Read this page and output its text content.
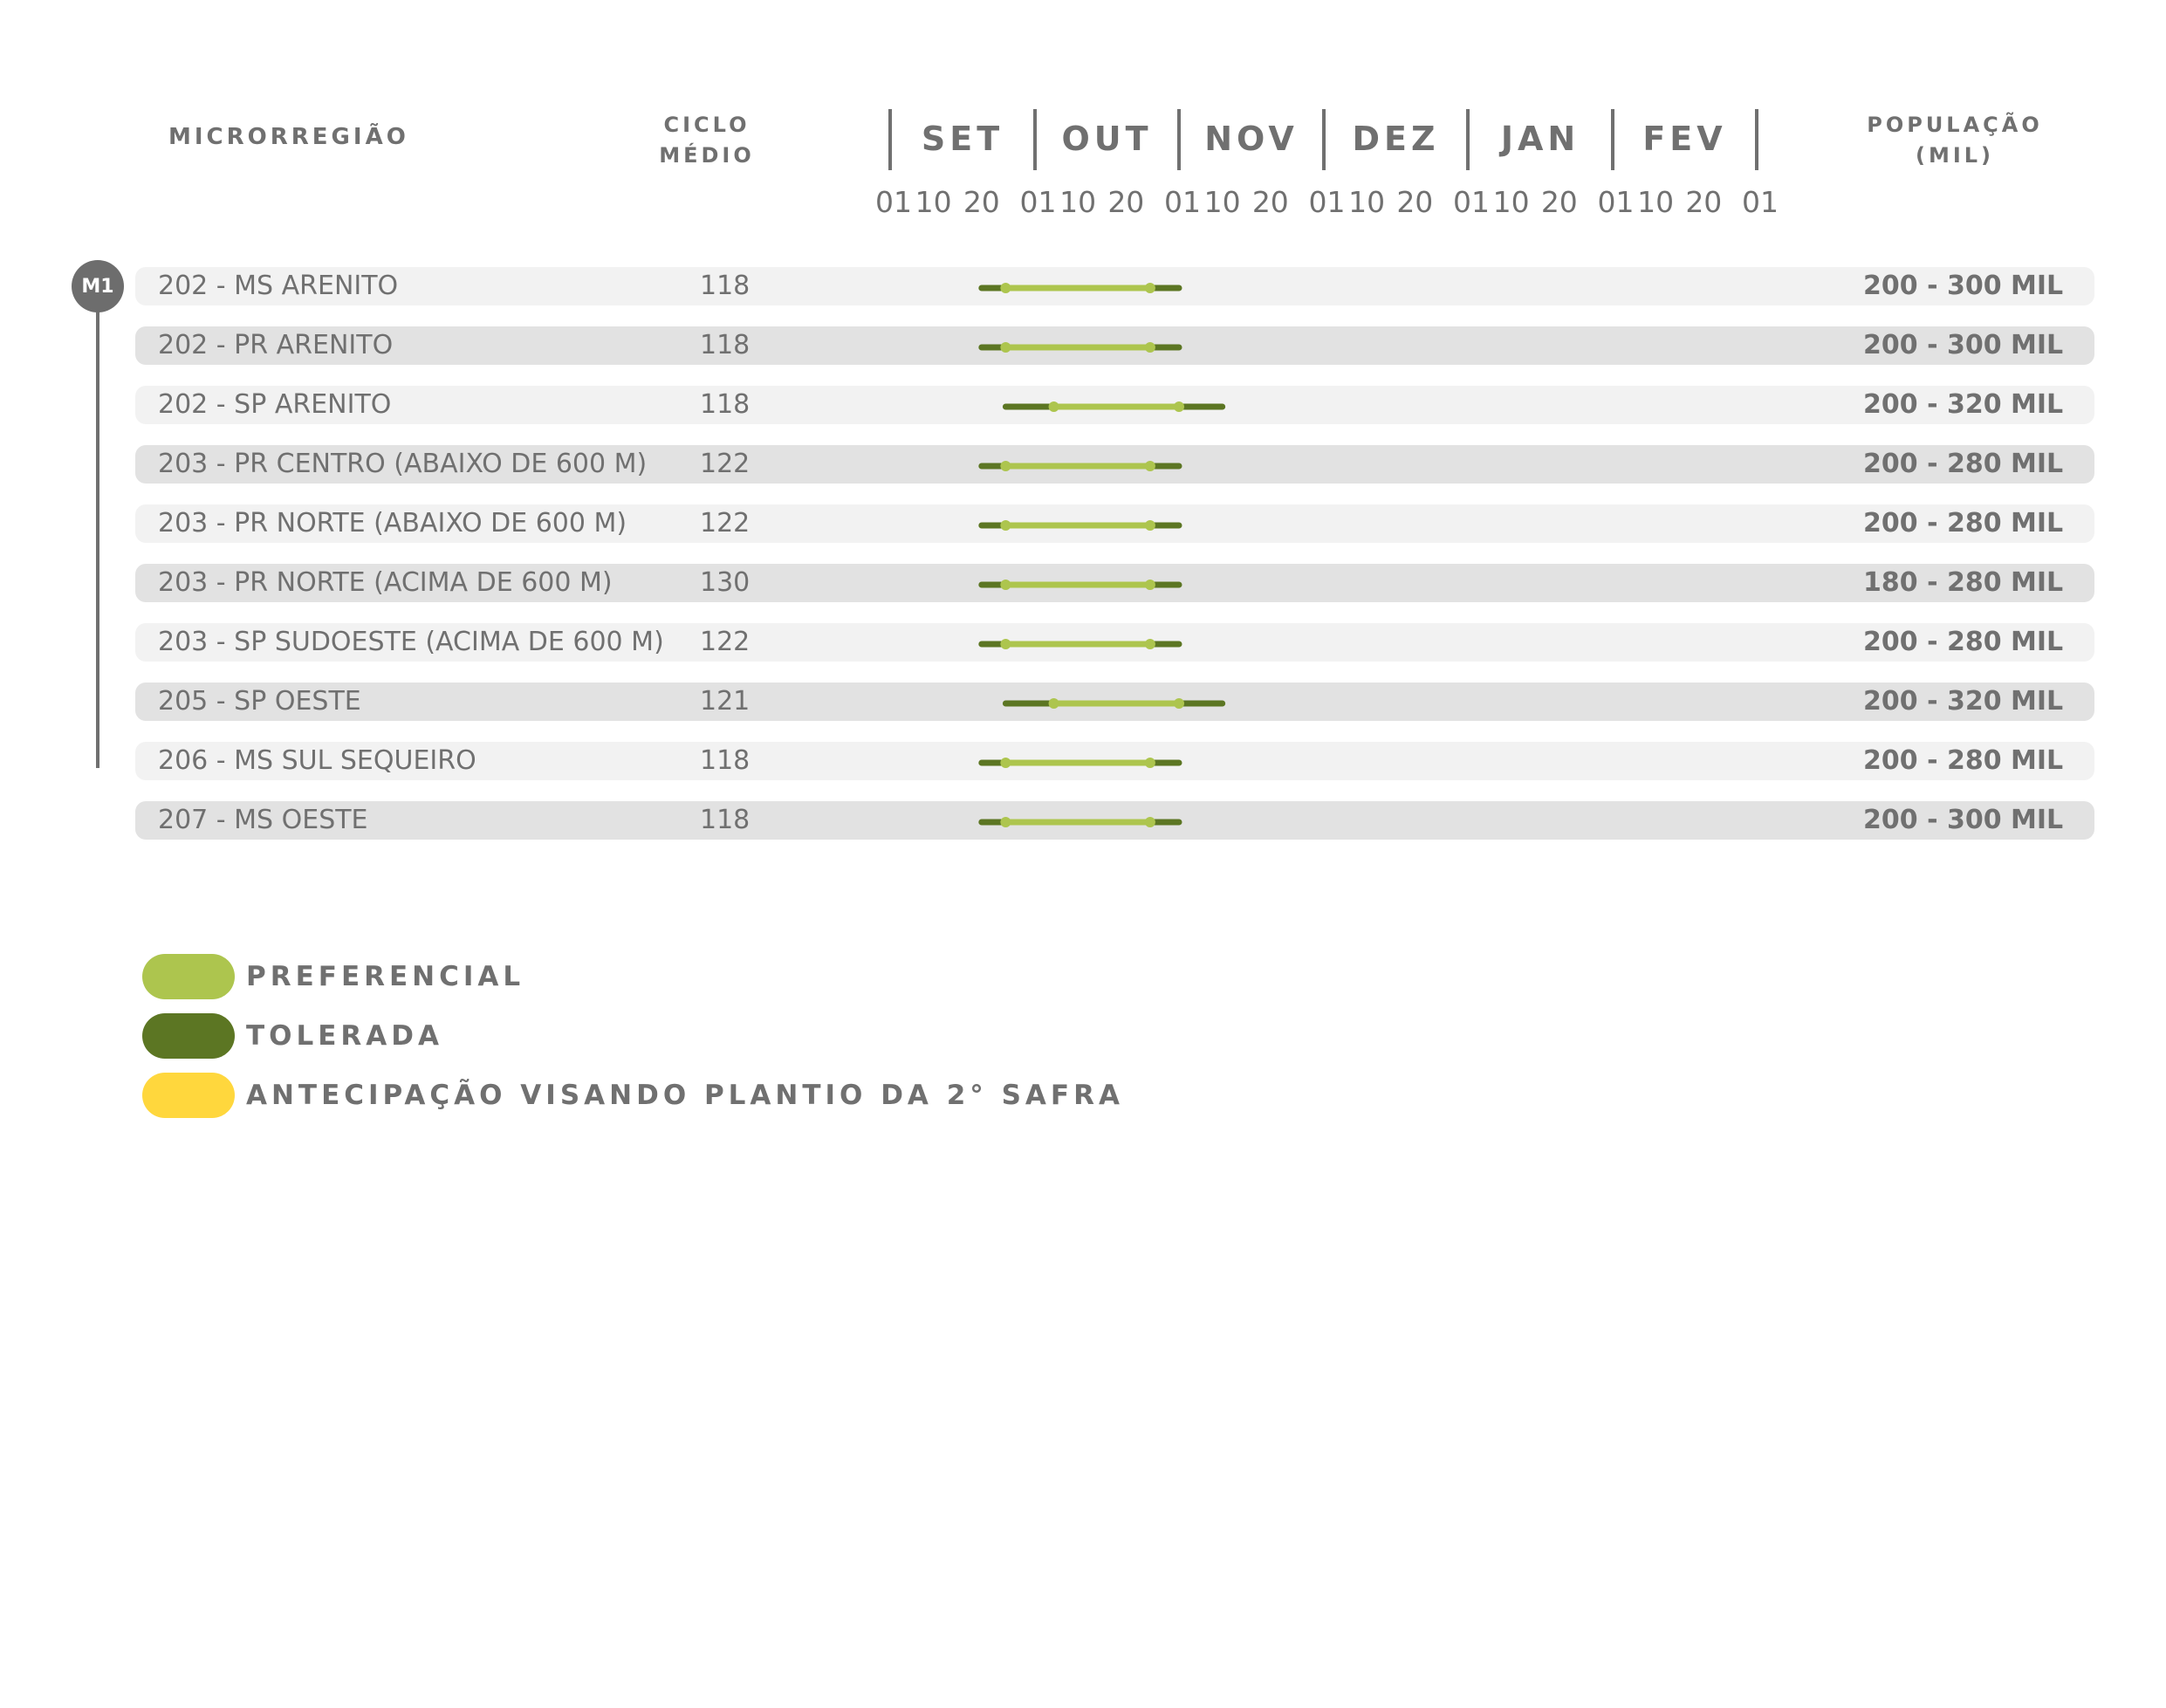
MICRORREGIÃO	CICLO
MÉDIO
POPULAÇÃO
(MIL)
SET	OUT	NOV	DEZ	JAN	FEV
01 10 20 01 10 20 01 10 20 01 10 20 01 10 20 01 10 20 01
202 - MS ARENITO	118	200 - 300 MIL
202 - PR ARENITO	118	200 - 300 MIL
202 - SP ARENITO	118	200 - 320 MIL
203 - PR CENTRO (ABAIXO DE 600 M) 122	200 - 280 MIL
203 - PR NORTE (ABAIXO DE 600 M)	122	200 - 280 MIL
203 - PR NORTE (ACIMA DE 600 M)	130	180 - 280 MIL
203 - SP SUDOESTE (ACIMA DE 600 M) 122	200 - 280 MIL
205 - SP OESTE	121	200 - 320 MIL
206 - MS SUL SEQUEIRO	118	200 - 280 MIL
207 - MS OESTE	118	200 - 300 MIL
M1
PREFERENCIAL
TOLERADA
ANTECIPAÇÃO VISANDO PLANTIO DA 2° SAFRA
